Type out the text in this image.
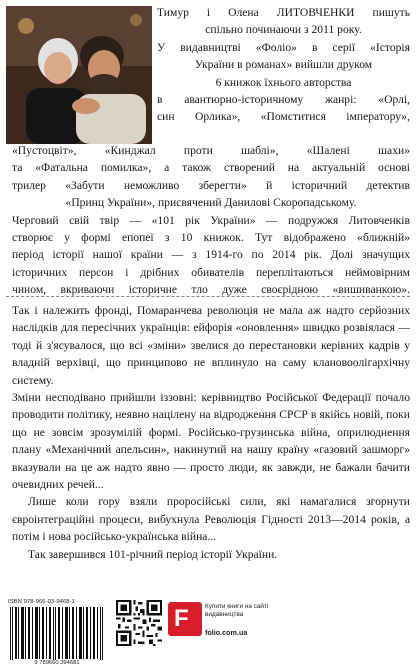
Тимур і Олена ЛИТОВЧЕНКИ пишуть
спільно починаючи з 2011 року.
У видавництві «Фоліо» в серії «Історія
України в романах» вийшли друком
6 книжок їхнього авторства
в авантюрно-історичному жанрі: «Орлі,
син Орлика», «Помститися імператору»,

«Пустоцвіт», «Кинджал проти шаблі», «Шалені шахи»
та «Фатальна помилка», а також створений на актуальній основі
трилер «Забути неможливо зберегти» й історичний детектив
«Принц України», присвячений Данилові Скоропадському.
Черговий свій твір — «101 рік України» — подружжя Литовченків
створює у формі епопеї з 10 книжок. Тут відображено «ближній»
період історії нашої країни — з 1914-го по 2014 рік. Долі значущих
історичних персон і дрібних обивателів переплітаються неймовірним
чином, вкриваючи історичне тло дуже своєрідною «вишиванкою».

Так і належить фронді, Помаранчева революція не мала аж надто серйозних наслідків для пересічних українців: ейфорія «оновлення» швидко розвіялася — тоді й з'ясувалося, що всі «зміни» звелися до перестановки керівних кадрів у владній верхівці, що принципово не вплинуло на саму клановоолігархічну систему.
Зміни несподівано прийшли іззовні: керівництво Російської Федерації почало проводити політику, неявно націлену на відродження СРСР в якійсь новій, поки що не зовсім зрозумілій формі. Російсько-грузинська війна, оприлюднення плану «Механічний апельсин», накинутий на нашу країну «газовий зашморг» вказували на це аж надто явно — просто люди, як завжди, не бажали бачити очевидних речей...
Лише коли гору взяли проросійські сили, які намагалися згорнути євроінтеграційні процеси, вибухнула Революція Гідності 2013—2014 років, а потім і нова російсько-українська війна...
Так завершився 101-річний період історії України.
ISBN 978-966-03-9468-1
9 789660 394681
F	Купити книги на сайті видавництва
folio.com.ua
